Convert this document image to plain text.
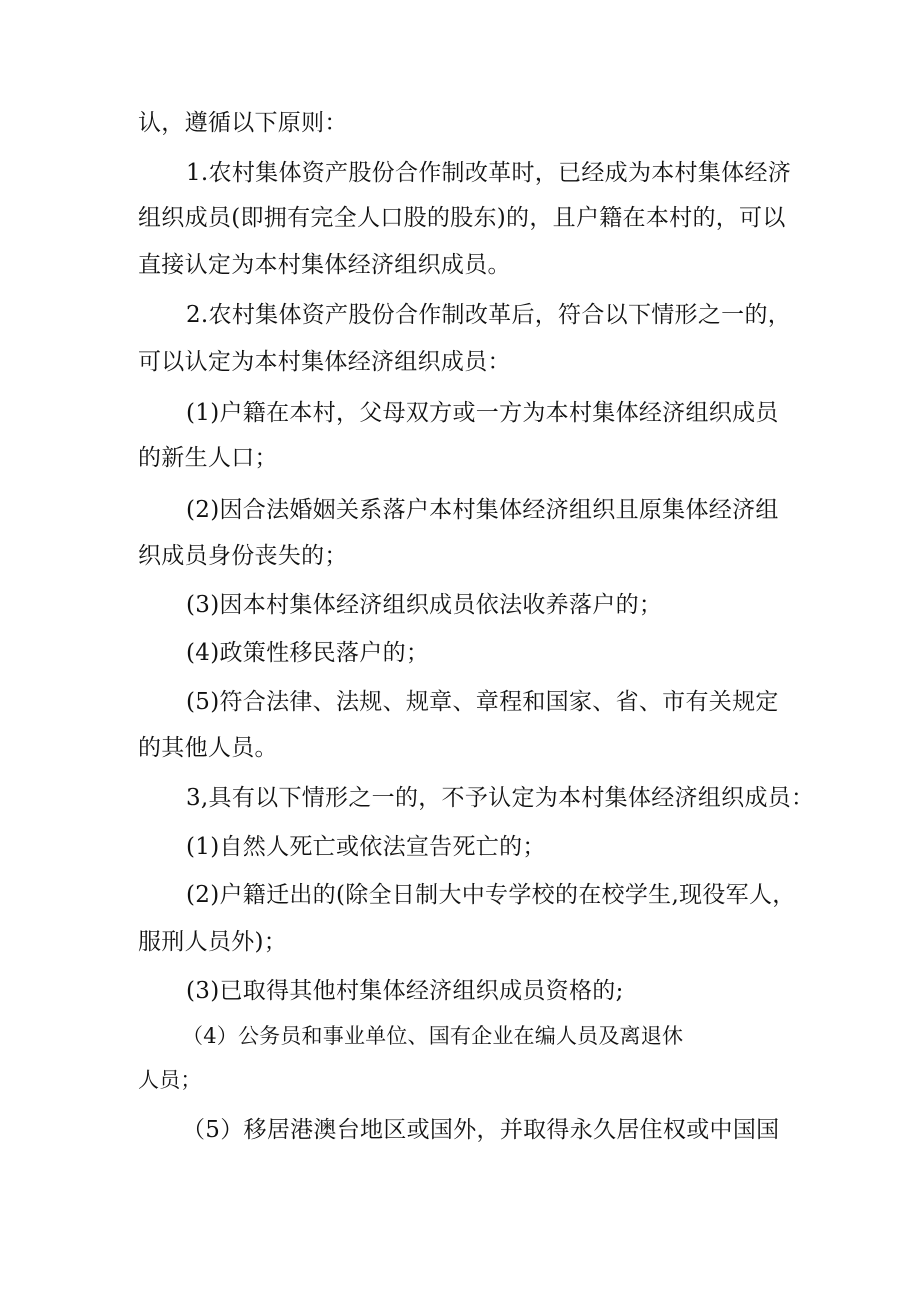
认，遵循以下原则：
1.农村集体资产股份合作制改革时，已经成为本村集体经济
组织成员(即拥有完全人口股的股东)的，且户籍在本村的，可以
直接认定为本村集体经济组织成员。
2.农村集体资产股份合作制改革后，符合以下情形之一的，
可以认定为本村集体经济组织成员：
(1)户籍在本村，父母双方或一方为本村集体经济组织成员
的新生人口；
(2)因合法婚姻关系落户本村集体经济组织且原集体经济组
织成员身份丧失的；
(3)因本村集体经济组织成员依法收养落户的；
(4)政策性移民落户的；
(5)符合法律、法规、规章、章程和国家、省、市有关规定
的其他人员。
3,具有以下情形之一的，不予认定为本村集体经济组织成员：
(1)自然人死亡或依法宣告死亡的；
(2)户籍迁出的(除全日制大中专学校的在校学生,现役军人，
服刑人员外)；
(3)已取得其他村集体经济组织成员资格的;
（4）公务员和事业单位、国有企业在编人员及离退休
人员；
（5）移居港澳台地区或国外，并取得永久居住权或中国国
